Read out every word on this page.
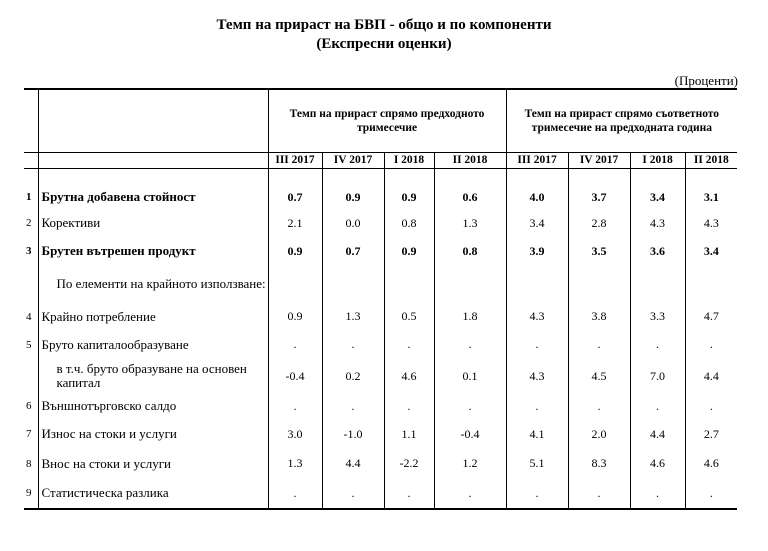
Темп на прираст на БВП - общо и по компоненти
(Експресни оценки)
(Проценти)
		Темп на прираст спрямо предходното тримесечие				Темп на прираст спрямо съответното тримесечие на предходната година			
		III 2017	IV 2017	I 2018	II 2018	III 2017	IV 2017	I 2018	II 2018

1	Брутна добавена стойност	0.7	0.9	0.9	0.6	4.0	3.7	3.4	3.1
2	Корективи	2.1	0.0	0.8	1.3	3.4	2.8	4.3	4.3
3	Брутен вътрешен продукт	0.9	0.7	0.9	0.8	3.9	3.5	3.6	3.4
	По елементи на крайното използване:								
4	Крайно потребление	0.9	1.3	0.5	1.8	4.3	3.8	3.3	4.7
5	Бруто капиталообразуване	.	.	.	.	.	.	.	.
	в т.ч. бруто образуване на основен капитал	-0.4	0.2	4.6	0.1	4.3	4.5	7.0	4.4
6	Външнотърговско салдо	.	.	.	.	.	.	.	.
7	Износ на стоки и услуги	3.0	-1.0	1.1	-0.4	4.1	2.0	4.4	2.7
8	Внос на стоки и услуги	1.3	4.4	-2.2	1.2	5.1	8.3	4.6	4.6
9	Статистическа разлика	.	.	.	.	.	.	.	.
